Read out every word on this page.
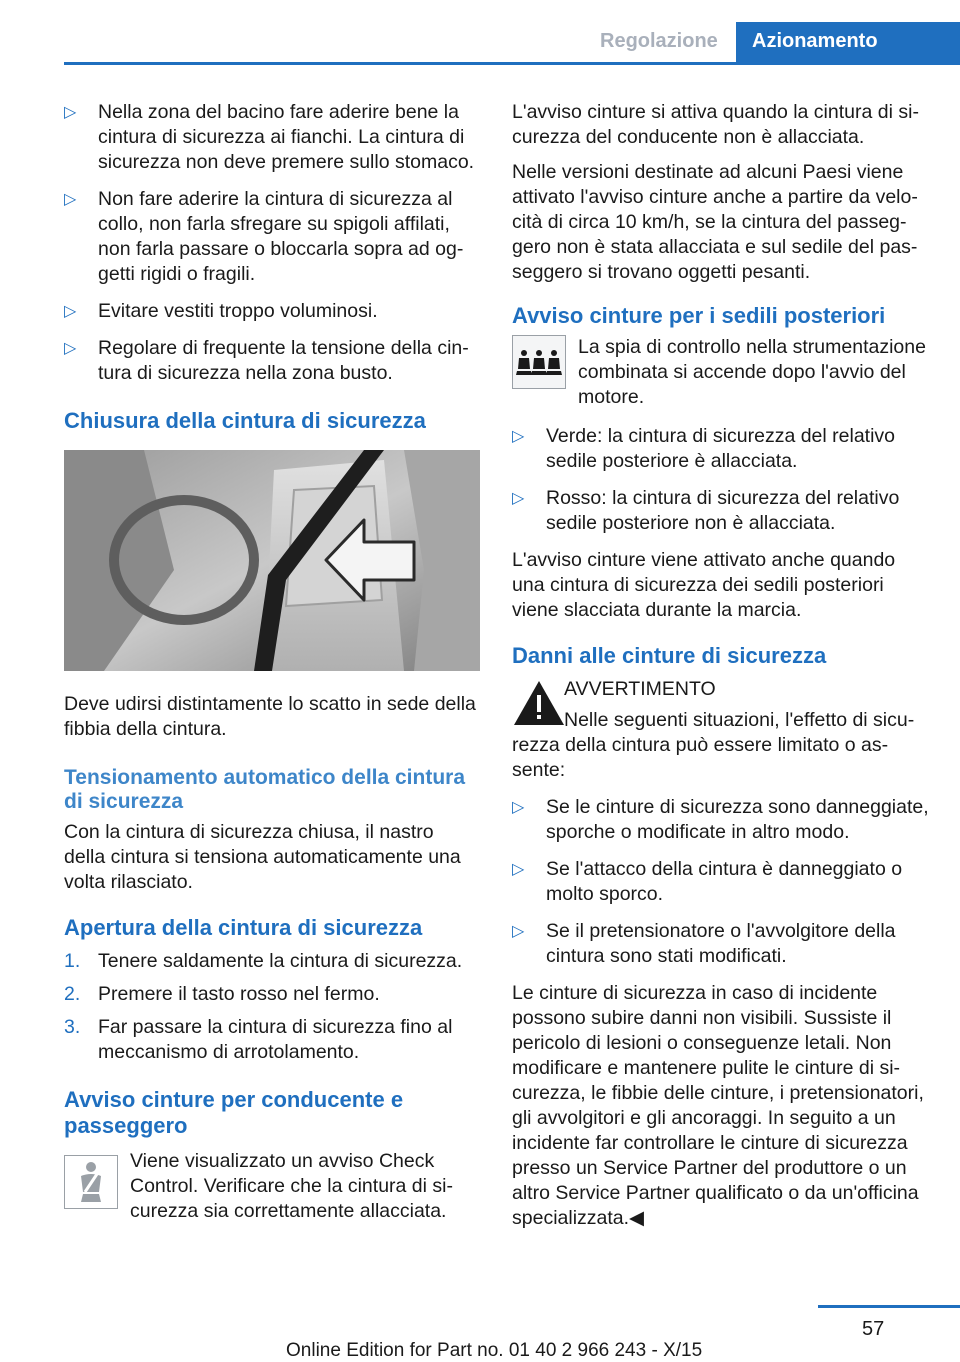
Regolazione	Azionamento
▷ Nella zona del bacino fare aderire bene la cintura di sicurezza ai fianchi. La cintura di sicurezza non deve premere sullo stomaco.
▷ Non fare aderire la cintura di sicurezza al collo, non farla sfregare su spigoli affilati, non farla passare o bloccarla sopra ad oggetti rigidi o fragili.
▷ Evitare vestiti troppo voluminosi.
▷ Regolare di frequente la tensione della cintura di sicurezza nella zona busto.
Chiusura della cintura di sicurezza
Deve udirsi distintamente lo scatto in sede della fibbia della cintura.
Tensionamento automatico della cintura di sicurezza
Con la cintura di sicurezza chiusa, il nastro della cintura si tensiona automaticamente una volta rilasciato.
Apertura della cintura di sicurezza
1. Tenere saldamente la cintura di sicurezza.
2. Premere il tasto rosso nel fermo.
3. Far passare la cintura di sicurezza fino al meccanismo di arrotolamento.
Avviso cinture per conducente e passeggero
Viene visualizzato un avviso Check Control. Verificare che la cintura di sicurezza sia correttamente allacciata.
L'avviso cinture si attiva quando la cintura di sicurezza del conducente non è allacciata.
Nelle versioni destinate ad alcuni Paesi viene attivato l'avviso cinture anche a partire da velocità di circa 10 km/h, se la cintura del passeggero non è stata allacciata e sul sedile del passeggero si trovano oggetti pesanti.
Avviso cinture per i sedili posteriori
La spia di controllo nella strumentazione combinata si accende dopo l'avvio del motore.
▷ Verde: la cintura di sicurezza del relativo sedile posteriore è allacciata.
▷ Rosso: la cintura di sicurezza del relativo sedile posteriore non è allacciata.
L'avviso cinture viene attivato anche quando una cintura di sicurezza dei sedili posteriori viene slacciata durante la marcia.
Danni alle cinture di sicurezza
AVVERTIMENTO
Nelle seguenti situazioni, l'effetto di sicurezza della cintura può essere limitato o assente:
▷ Se le cinture di sicurezza sono danneggiate, sporche o modificate in altro modo.
▷ Se l'attacco della cintura è danneggiato o molto sporco.
▷ Se il pretensionatore o l'avvolgitore della cintura sono stati modificati.
Le cinture di sicurezza in caso di incidente possono subire danni non visibili. Sussiste il pericolo di lesioni o conseguenze letali. Non modificare e mantenere pulite le cinture di sicurezza, le fibbie delle cinture, i pretensionatori, gli avvolgitori e gli ancoraggi. In seguito a un incidente far controllare le cinture di sicurezza presso un Service Partner del produttore o un altro Service Partner qualificato o da un'officina specializzata.◀
57
Online Edition for Part no. 01 40 2 966 243 - X/15
